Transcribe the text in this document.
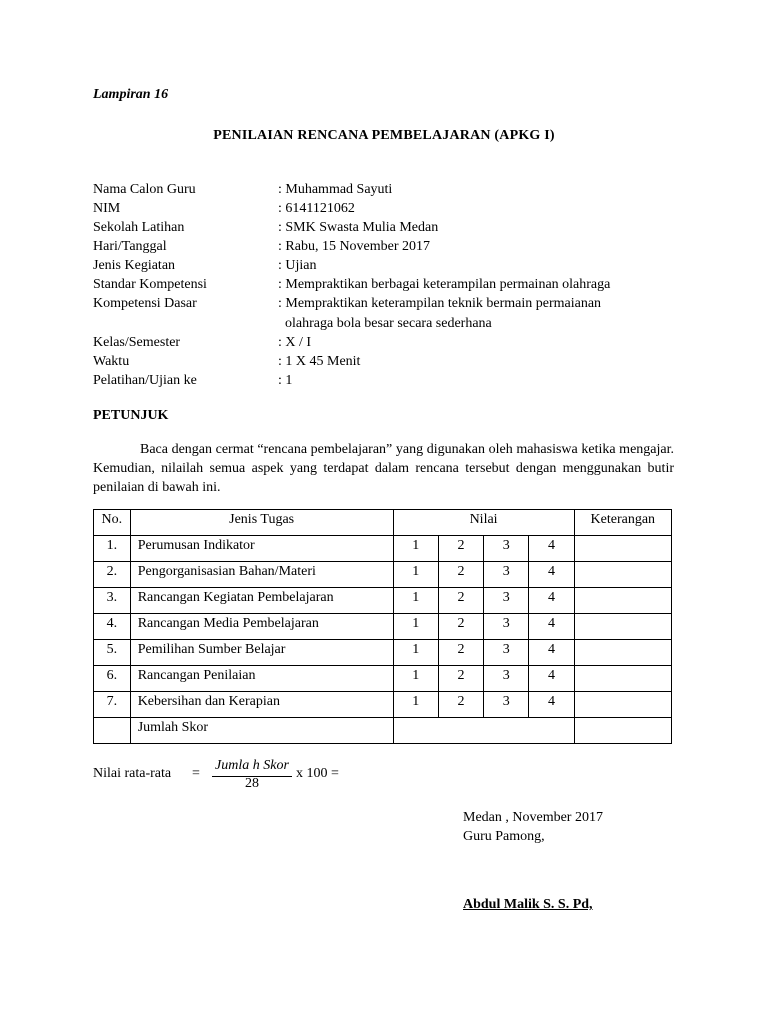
Lampiran 16
PENILAIAN RENCANA PEMBELAJARAN (APKG I)
Nama Calon Guru	: Muhammad Sayuti
NIM	: 6141121062
Sekolah Latihan	: SMK Swasta Mulia Medan
Hari/Tanggal	: Rabu, 15 November 2017
Jenis Kegiatan	: Ujian
Standar Kompetensi	: Mempraktikan berbagai keterampilan permainan olahraga
Kompetensi Dasar	: Mempraktikan keterampilan teknik bermain permaianan
olahraga bola besar secara sederhana
Kelas/Semester	: X / I
Waktu	: 1 X 45 Menit
Pelatihan/Ujian ke	: 1
PETUNJUK
Baca dengan cermat “rencana pembelajaran” yang digunakan oleh mahasiswa ketika mengajar. Kemudian, nilailah semua aspek yang terdapat dalam rencana tersebut dengan menggunakan butir penilaian di bawah ini.
No.	Jenis Tugas	Nilai				Keterangan

1.	Perumusan Indikator	1	2	3	4	

2.	Pengorganisasian Bahan/Materi	1	2	3	4	

3.	Rancangan Kegiatan Pembelajaran	1	2	3	4	

4.	Rancangan Media Pembelajaran	1	2	3	4	

5.	Pemilihan Sumber Belajar	1	2	3	4	

6.	Rancangan Penilaian	1	2	3	4	

7.	Kebersihan dan Kerapian	1	2	3	4	

	Jumlah Skor					

Nilai rata-rata =
Jumla h Skor
28
x 100 =
Medan , November 2017
Guru Pamong,
Abdul Malik S. S. Pd,
